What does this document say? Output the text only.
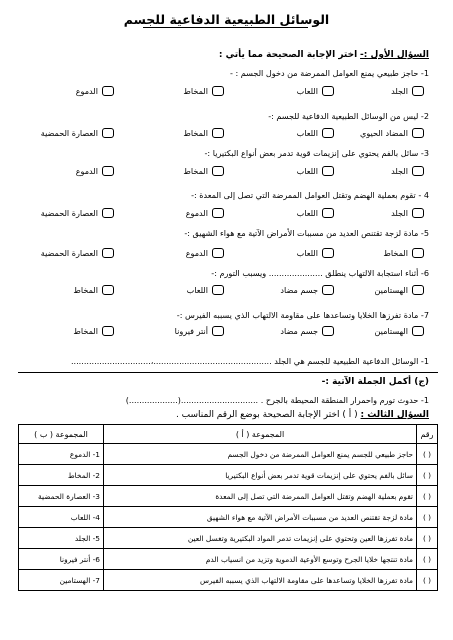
الوسائل الطبيعية الدفاعية للجسم
السؤال الأول :- اختر الإجابة الصحيحة مما يأتي :
1- حاجز طبيعي يمنع العوامل الممرضة من دخول الجسم : -
الجلد
اللعاب
المخاط
الدموع
2- ليس من الوسائل الطبيعية الدفاعية للجسم :-
المضاد الحيوي
اللعاب
المخاط
العصارة الحمضية
3- سائل بالفم يحتوي على إنزيمات قوية تدمر بعض أنواع البكتيريا :-
الجلد
اللعاب
المخاط
الدموع
4 - تقوم بعملية الهضم وتقتل العوامل الممرضة التي تصل إلى المعدة :-
الجلد
اللعاب
الدموع
العصارة الحمضية
5- مادة لزجة تقتنص العديد من مسببات الأمراض الآتية مع هواء الشهيق :-
المخاط
اللعاب
الدموع
العصارة الحمضية
6- أثناء استجابة الالتهاب ينطلق ..................... ويسبب التورم :-
الهستامين
جسم مضاد
اللعاب
المخاط
7- مادة تفرزها الخلايا وتساعدها على مقاومة الالتهاب الذي يسببه الفيرس :-
الهستامين
جسم مضاد
أنتر فيرونا
المخاط
1- الوسائل الدفاعية الطبيعية للجسم هي الجلد ..............................................،...............................
(ج) أكمل الجملة الآتية :-
1- حدوث تورم واحمرار المنطقة المحيطة بالجرح . ..............................(...................)
السؤال الثالث : ( أ ) اختر الإجابة الصحيحة بوضع الرقم المناسب .
رقم	المجموعة ( أ )	المجموعة ( ب )
( )	حاجز طبيعي للجسم يمنع العوامل الممرضة من دخول الجسم	1- الدموع
( )	سائل بالفم يحتوي على إنزيمات قوية تدمر بعض أنواع البكتيريا	2- المخاط
( )	تقوم بعملية الهضم وتقتل العوامل الممرضة التي تصل إلى المعدة	3- العصارة الحمضية
( )	مادة لزجة تقتنص العديد من مسببات الأمراض الآتية مع هواء الشهيق	4- اللعاب
( )	مادة تفرزها العين وتحتوي على إنزيمات تدمر المواد البكتيرية وتغسل العين	5- الجلد
( )	مادة تنتجها خلايا الجرح وتوسع الأوعية الدموية وتزيد من انسياب الدم	6- أنتر فيرونا
( )	مادة تفرزها الخلايا وتساعدها على مقاومة الالتهاب الذي يسببه الفيرس	7- الهستامين
